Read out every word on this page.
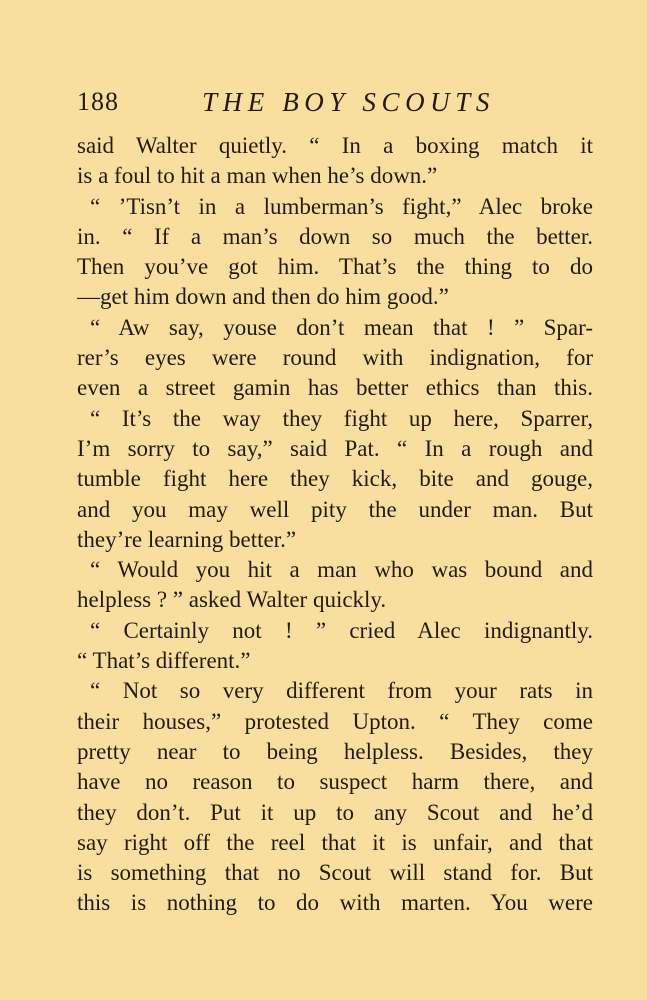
188	THE BOY SCOUTS
said Walter quietly. “ In a boxing match it
is a foul to hit a man when he’s down.”
“ ’Tisn’t in a lumberman’s fight,” Alec broke
in. “ If a man’s down so much the better.
Then you’ve got him. That’s the thing to do
—get him down and then do him good.”
“ Aw say, youse don’t mean that ! ” Spar-
rer’s eyes were round with indignation, for
even a street gamin has better ethics than this.
“ It’s the way they fight up here, Sparrer,
I’m sorry to say,” said Pat. “ In a rough and
tumble fight here they kick, bite and gouge,
and you may well pity the under man. But
they’re learning better.”
“ Would you hit a man who was bound and
helpless ? ” asked Walter quickly.
“ Certainly not ! ” cried Alec indignantly.
“ That’s different.”
“ Not so very different from your rats in
their houses,” protested Upton. “ They come
pretty near to being helpless. Besides, they
have no reason to suspect harm there, and
they don’t. Put it up to any Scout and he’d
say right off the reel that it is unfair, and that
is something that no Scout will stand for. But
this is nothing to do with marten. You were
